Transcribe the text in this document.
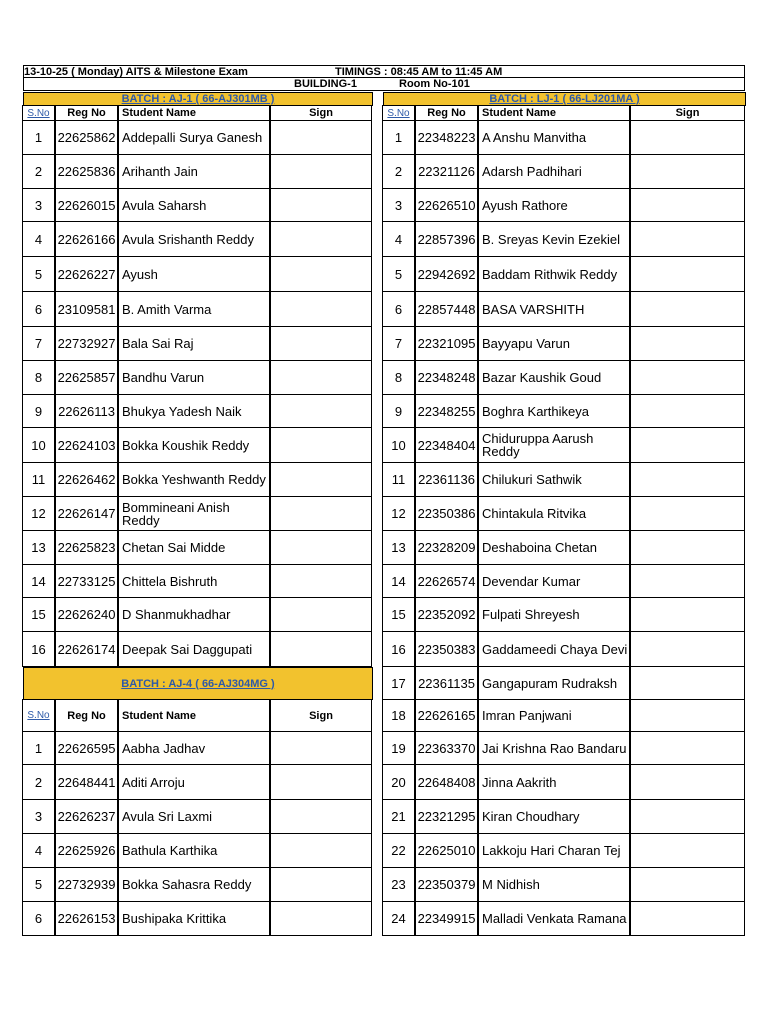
13-10-25 ( Monday) AITS & Milestone Exam	TIMINGS : 08:45 AM to 11:45 AM
BUILDING-1	Room No-101
BATCH : AJ-1 ( 66-AJ301MB )
S.No Reg No Student Name	Sign
1	22625862 Addepalli Surya Ganesh
2	22625836 Arihanth Jain
3	22626015 Avula Saharsh
4	22626166 Avula Srishanth Reddy
5	22626227 Ayush
6	23109581 B. Amith Varma
7	22732927 Bala Sai Raj
8	22625857 Bandhu Varun
9	22626113 Bhukya Yadesh Naik
10 22624103 Bokka Koushik Reddy
11 22626462 Bokka Yeshwanth Reddy
12 22626147 Bommineani Anish Reddy
13 22625823 Chetan Sai Midde
14 22733125 Chittela Bishruth
15 22626240 D Shanmukhadhar
16 22626174 Deepak Sai Daggupati
BATCH : AJ-4 ( 66-AJ304MG )
S.No Reg No Student Name	Sign
1	22626595 Aabha Jadhav
2	22648441 Aditi Arroju
3	22626237 Avula Sri Laxmi
4	22625926 Bathula Karthika
5	22732939 Bokka Sahasra Reddy
6	22626153 Bushipaka Krittika
BATCH : LJ-1 ( 66-LJ201MA )
S.No Reg No Student Name	Sign
1	22348223 A Anshu Manvitha
2	22321126 Adarsh Padhihari
3	22626510 Ayush Rathore
4	22857396 B. Sreyas Kevin Ezekiel
5	22942692 Baddam Rithwik Reddy
6	22857448 BASA VARSHITH
7	22321095 Bayyapu Varun
8	22348248 Bazar Kaushik Goud
9	22348255 Boghra Karthikeya
10 22348404 Chiduruppa Aarush Reddy
11 22361136 Chilukuri Sathwik
12 22350386 Chintakula Ritvika
13 22328209 Deshaboina Chetan
14 22626574 Devendar Kumar
15 22352092 Fulpati Shreyesh
16 22350383 Gaddameedi Chaya Devi
17 22361135 Gangapuram Rudraksh
18 22626165 Imran Panjwani
19 22363370 Jai Krishna Rao Bandaru
20 22648408 Jinna Aakrith
21 22321295 Kiran Choudhary
22 22625010 Lakkoju Hari Charan Tej
23 22350379 M Nidhish
24 22349915 Malladi Venkata Ramana
